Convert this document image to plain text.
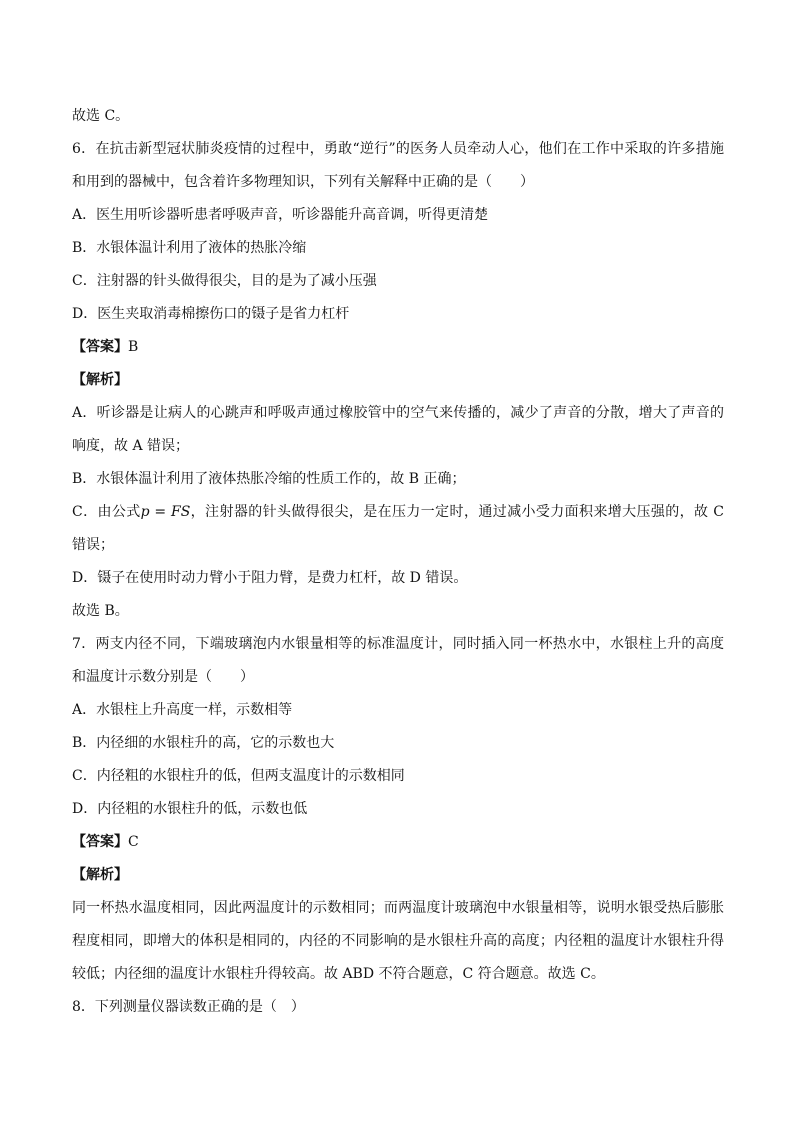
故选 C。

6．在抗击新型冠状肺炎疫情的过程中，勇敢“逆行”的医务人员牵动人心，他们在工作中采取的许多措施和用到的器械中，包含着许多物理知识，下列有关解释中正确的是（　　）

A．医生用听诊器听患者呼吸声音，听诊器能升高音调，听得更清楚

B．水银体温计利用了液体的热胀冷缩

C．注射器的针头做得很尖，目的是为了减小压强

D．医生夹取消毒棉擦伤口的镊子是省力杠杆

【答案】B

【解析】

A．听诊器是让病人的心跳声和呼吸声通过橡胶管中的空气来传播的，减少了声音的分散，增大了声音的响度，故 A 错误；

B．水银体温计利用了液体热胀冷缩的性质工作的，故 B 正确；

C．由公式p = FS，注射器的针头做得很尖，是在压力一定时，通过减小受力面积来增大压强的，故 C 错误；

D．镊子在使用时动力臂小于阻力臂，是费力杠杆，故 D 错误。

故选 B。

7．两支内径不同，下端玻璃泡内水银量相等的标准温度计，同时插入同一杯热水中，水银柱上升的高度和温度计示数分别是（　　）

A．水银柱上升高度一样，示数相等

B．内径细的水银柱升的高，它的示数也大

C．内径粗的水银柱升的低，但两支温度计的示数相同

D．内径粗的水银柱升的低，示数也低

【答案】C

【解析】

同一杯热水温度相同，因此两温度计的示数相同；而两温度计玻璃泡中水银量相等，说明水银受热后膨胀程度相同，即增大的体积是相同的，内径的不同影响的是水银柱升高的高度；内径粗的温度计水银柱升得较低；内径细的温度计水银柱升得较高。故 ABD 不符合题意，C 符合题意。故选 C。

8．下列测量仪器读数正确的是（　）
